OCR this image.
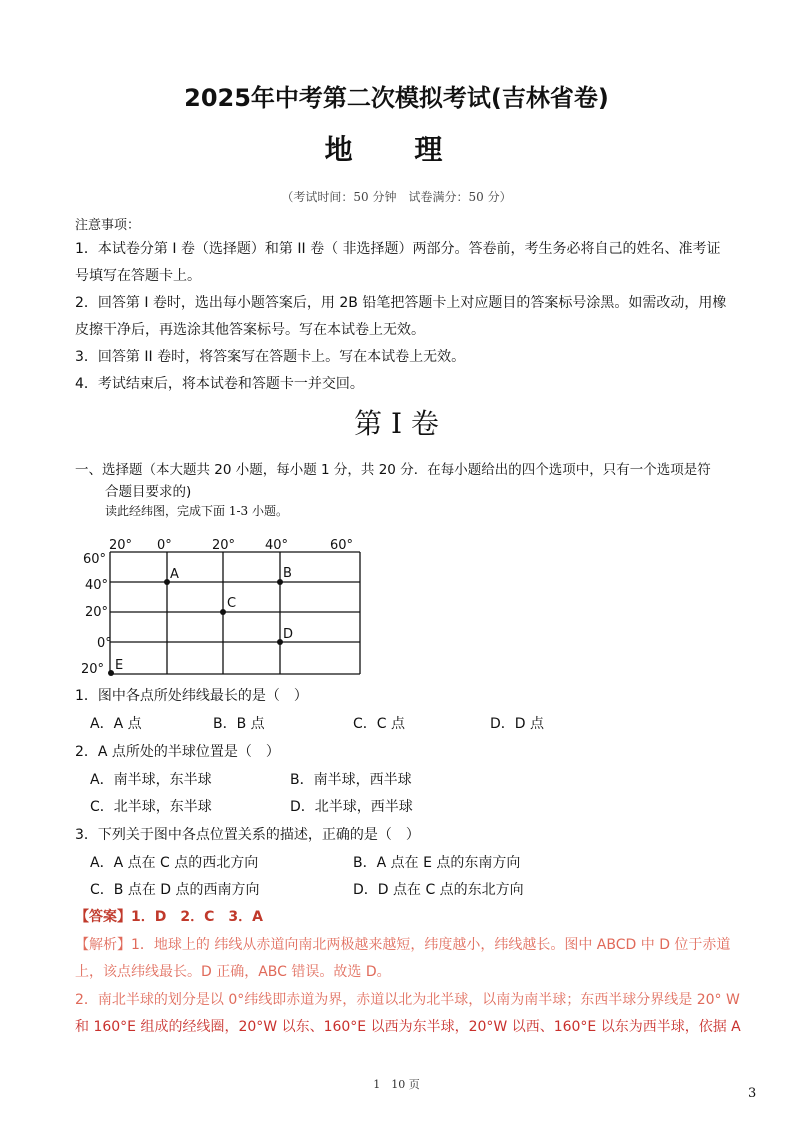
2025年中考第二次模拟考试(吉林省卷)
地 理
（考试时间：50 分钟　试卷满分：50 分）
注意事项：
1．本试卷分第 I 卷（选择题）和第 II 卷（ 非选择题）两部分。答卷前，考生务必将自己的姓名、准考证
号填写在答题卡上。
2．回答第 I 卷时，选出每小题答案后，用 2B 铅笔把答题卡上对应题目的答案标号涂黑。如需改动，用橡
皮擦干净后，再选涂其他答案标号。写在本试卷上无效。
3．回答第 II 卷时，将答案写在答题卡上。写在本试卷上无效。
4．考试结束后，将本试卷和答题卡一并交回。
第 I 卷
一、选择题（本大题共 20 小题，每小题 1 分，共 20 分．在每小题给出的四个选项中，只有一个选项是符
合题目要求的)
读此经纬图，完成下面 1-3 小题。
20° 0°	20° 40°	60°
60°
40°
20°
0°
20°
A	B
C
D
E
1．图中各点所处纬线最长的是（　）
A．A 点	B．B 点	C．C 点	D．D 点
2．A 点所处的半球位置是（　）
A．南半球，东半球	B．南半球，西半球
C．北半球，东半球	D．北半球，西半球
3．下列关于图中各点位置关系的描述，正确的是（　）
A．A 点在 C 点的西北方向	B．A 点在 E 点的东南方向
C．B 点在 D 点的西南方向	D．D 点在 C 点的东北方向
【答案】1．D　2．C　3．A
【解析】1．地球上的 纬线从赤道向南北两极越来越短，纬度越小，纬线越长。图中 ABCD 中 D 位于赤道
上，该点纬线最长。D 正确，ABC 错误。故选 D。
2．南北半球的划分是以 0°纬线即赤道为界，赤道以北为北半球，以南为南半球；东西半球分界线是 20° W
和 160°E 组成的经线圈，20°W 以东、160°E 以西为东半球，20°W 以西、160°E 以东为西半球，依据 A
1　10 页
3
